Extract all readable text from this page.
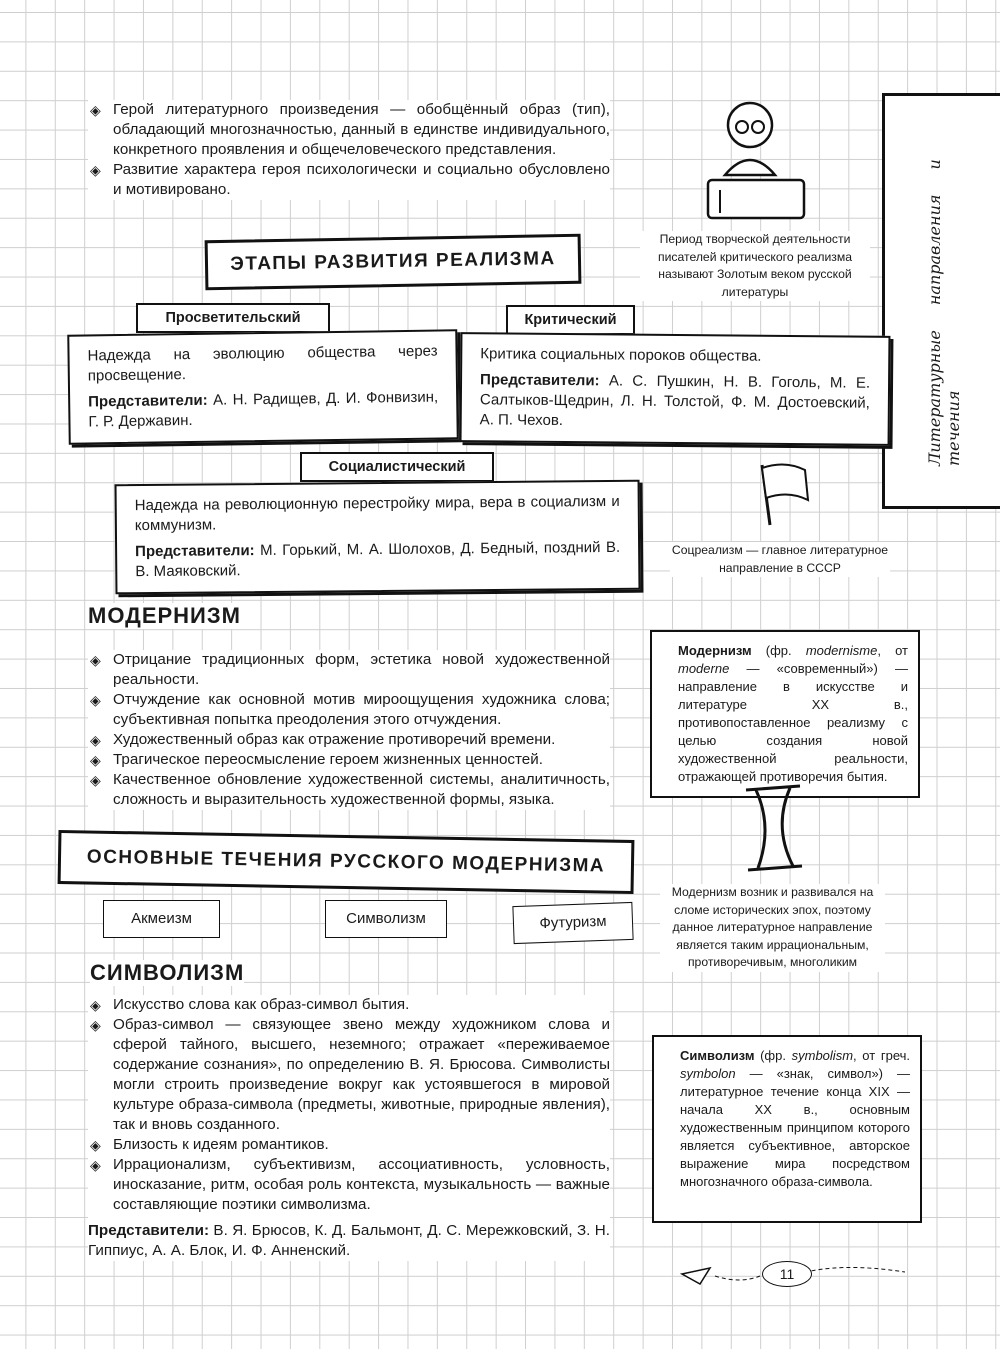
◈ Герой литературного произведения — обобщённый образ (тип), обладающий многозначностью, данный в единстве индивидуального, конкретного проявления и общечеловеческого представления.
◈ Развитие характера героя психологически и социально обусловлено и мотивировано.
Период творческой деятельности писателей критического реализма называют Золотым веком русской литературы	Литературные направления и течения
ЭТАПЫ РАЗВИТИЯ РЕАЛИЗМА
Просветительский
Надежда на эволюцию общества через просвещение.
Представители: А. Н. Радищев, Д. И. Фонвизин, Г. Р. Державин.
Критический
Критика социальных пороков общества.
Представители: А. С. Пушкин, Н. В. Гоголь, М. Е. Салтыков-Щедрин, Л. Н. Толстой, Ф. М. Достоевский, А. П. Чехов.
Социалистический
Надежда на революционную перестройку мира, вера в социализм и коммунизм.
Представители: М. Горький, М. А. Шолохов, Д. Бедный, поздний В. В. Маяковский.
Соцреализм — главное литературное направление в СССР
МОДЕРНИЗМ
◈ Отрицание традиционных форм, эстетика новой художественной реальности.
◈ Отчуждение как основной мотив мироощущения художника слова; субъективная попытка преодоления этого отчуждения.
◈ Художественный образ как отражение противоречий времени.
◈ Трагическое переосмысление героем жизненных ценностей.
◈ Качественное обновление художественной системы, аналитичность, сложность и выразительность художественной формы, языка.
Модернизм (фр. modernisme, от moderne — «современный») — направление в искусстве и литературе XX в., противопоставленное реализму с целью создания новой художественной реальности, отражающей противоречия бытия.
Модернизм возник и развивался на сломе исторических эпох, поэтому данное литературное направление является таким иррациональным, противоречивым, многоликим
ОСНОВНЫЕ ТЕЧЕНИЯ РУССКОГО МОДЕРНИЗМА
Акмеизм	Символизм	Футуризм
СИМВОЛИЗМ
◈ Искусство слова как образ-символ бытия.
◈ Образ-символ — связующее звено между художником слова и сферой тайного, высшего, неземного; отражает «переживаемое содержание сознания», по определению В. Я. Брюсова. Символисты могли строить произведение вокруг как устоявшегося в мировой культуре образа-символа (предметы, животные, природные явления), так и вновь созданного.
◈ Близость к идеям романтиков.
◈ Иррационализм, субъективизм, ассоциативность, условность, иносказание, ритм, особая роль контекста, музыкальность — важные составляющие поэтики символизма.
Представители: В. Я. Брюсов, К. Д. Бальмонт, Д. С. Мережковский, З. Н. Гиппиус, А. А. Блок, И. Ф. Анненский.
Символизм (фр. symbolism, от греч. symbolon — «знак, символ») — литературное течение конца XIX — начала XX в., основным художественным принципом которого является субъективное, авторское выражение мира посредством многозначного образа-символа.
11
